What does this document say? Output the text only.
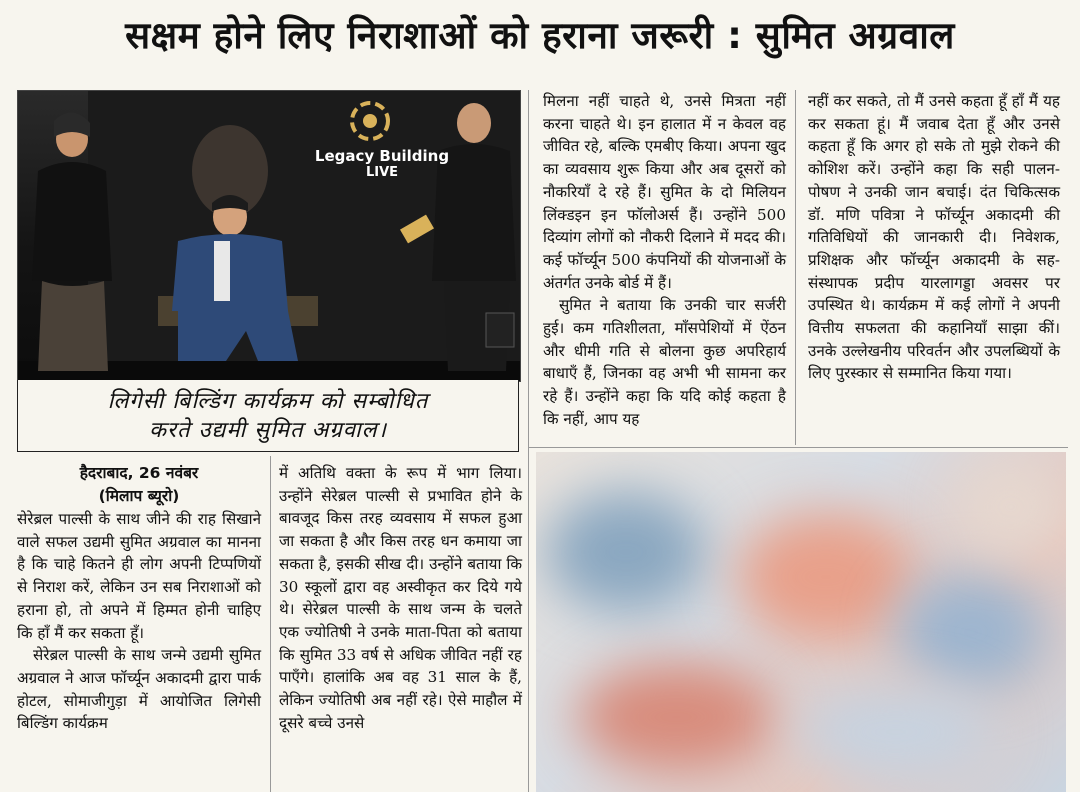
सक्षम होने लिए निराशाओं को हराना जरूरी : सुमित अग्रवाल
Legacy Building
LIVE
लिगेसी बिल्डिंग कार्यक्रम को सम्बोधित
करते उद्यमी सुमित अग्रवाल।
हैदराबाद, 26 नवंबर
(मिलाप ब्यूरो)

सेरेब्रल पाल्सी के साथ जीने की राह सिखाने वाले सफल उद्यमी सुमित अग्रवाल का मानना है कि चाहे कितने ही लोग अपनी टिप्पणियों से निराश करें, लेकिन उन सब निराशाओं को हराना हो, तो अपने में हिम्मत होनी चाहिए कि हाँ मैं कर सकता हूँ।

सेरेब्रल पाल्सी के साथ जन्मे उद्यमी सुमित अग्रवाल ने आज फॉर्च्यून अकादमी द्वारा पार्क होटल, सोमाजीगुड़ा में आयोजित लिगेसी बिल्डिंग कार्यक्रम

में अतिथि वक्ता के रूप में भाग लिया। उन्होंने सेरेब्रल पाल्सी से प्रभावित होने के बावजूद किस तरह व्यवसाय में सफल हुआ जा सकता है और किस तरह धन कमाया जा सकता है, इसकी सीख दी। उन्होंने बताया कि 30 स्कूलों द्वारा वह अस्वीकृत कर दिये गये थे। सेरेब्रल पाल्सी के साथ जन्म के चलते एक ज्योतिषी ने उनके माता-पिता को बताया कि सुमित 33 वर्ष से अधिक जीवित नहीं रह पाएँगे। हालांकि अब वह 31 साल के हैं, लेकिन ज्योतिषी अब नहीं रहे। ऐसे माहौल में दूसरे बच्चे उनसे

मिलना नहीं चाहते थे, उनसे मित्रता नहीं करना चाहते थे। इन हालात में न केवल वह जीवित रहे, बल्कि एमबीए किया। अपना खुद का व्यवसाय शुरू किया और अब दूसरों को नौकरियाँ दे रहे हैं। सुमित के दो मिलियन लिंक्डइन इन फॉलोअर्स हैं। उन्होंने 500 दिव्यांग लोगों को नौकरी दिलाने में मदद की। कई फॉर्च्यून 500 कंपनियों की योजनाओं के अंतर्गत उनके बोर्ड में हैं।

सुमित ने बताया कि उनकी चार सर्जरी हुई। कम गतिशीलता, माँसपेशियों में ऐंठन और धीमी गति से बोलना कुछ अपरिहार्य बाधाएँ हैं, जिनका वह अभी भी सामना कर रहे हैं। उन्होंने कहा कि यदि कोई कहता है कि नहीं, आप यह

नहीं कर सकते, तो मैं उनसे कहता हूँ हाँ मैं यह कर सकता हूं। मैं जवाब देता हूँ और उनसे कहता हूँ कि अगर हो सके तो मुझे रोकने की कोशिश करें। उन्होंने कहा कि सही पालन-पोषण ने उनकी जान बचाई। दंत चिकित्सक डॉ. मणि पवित्रा ने फॉर्च्यून अकादमी की गतिविधियों की जानकारी दी। निवेशक, प्रशिक्षक और फॉर्च्यून अकादमी के सह-संस्थापक प्रदीप यारलागड्डा अवसर पर उपस्थित थे। कार्यक्रम में कई लोगों ने अपनी वित्तीय सफलता की कहानियाँ साझा कीं। उनके उल्लेखनीय परिवर्तन और उपलब्धियों के लिए पुरस्कार से सम्मानित किया गया।
